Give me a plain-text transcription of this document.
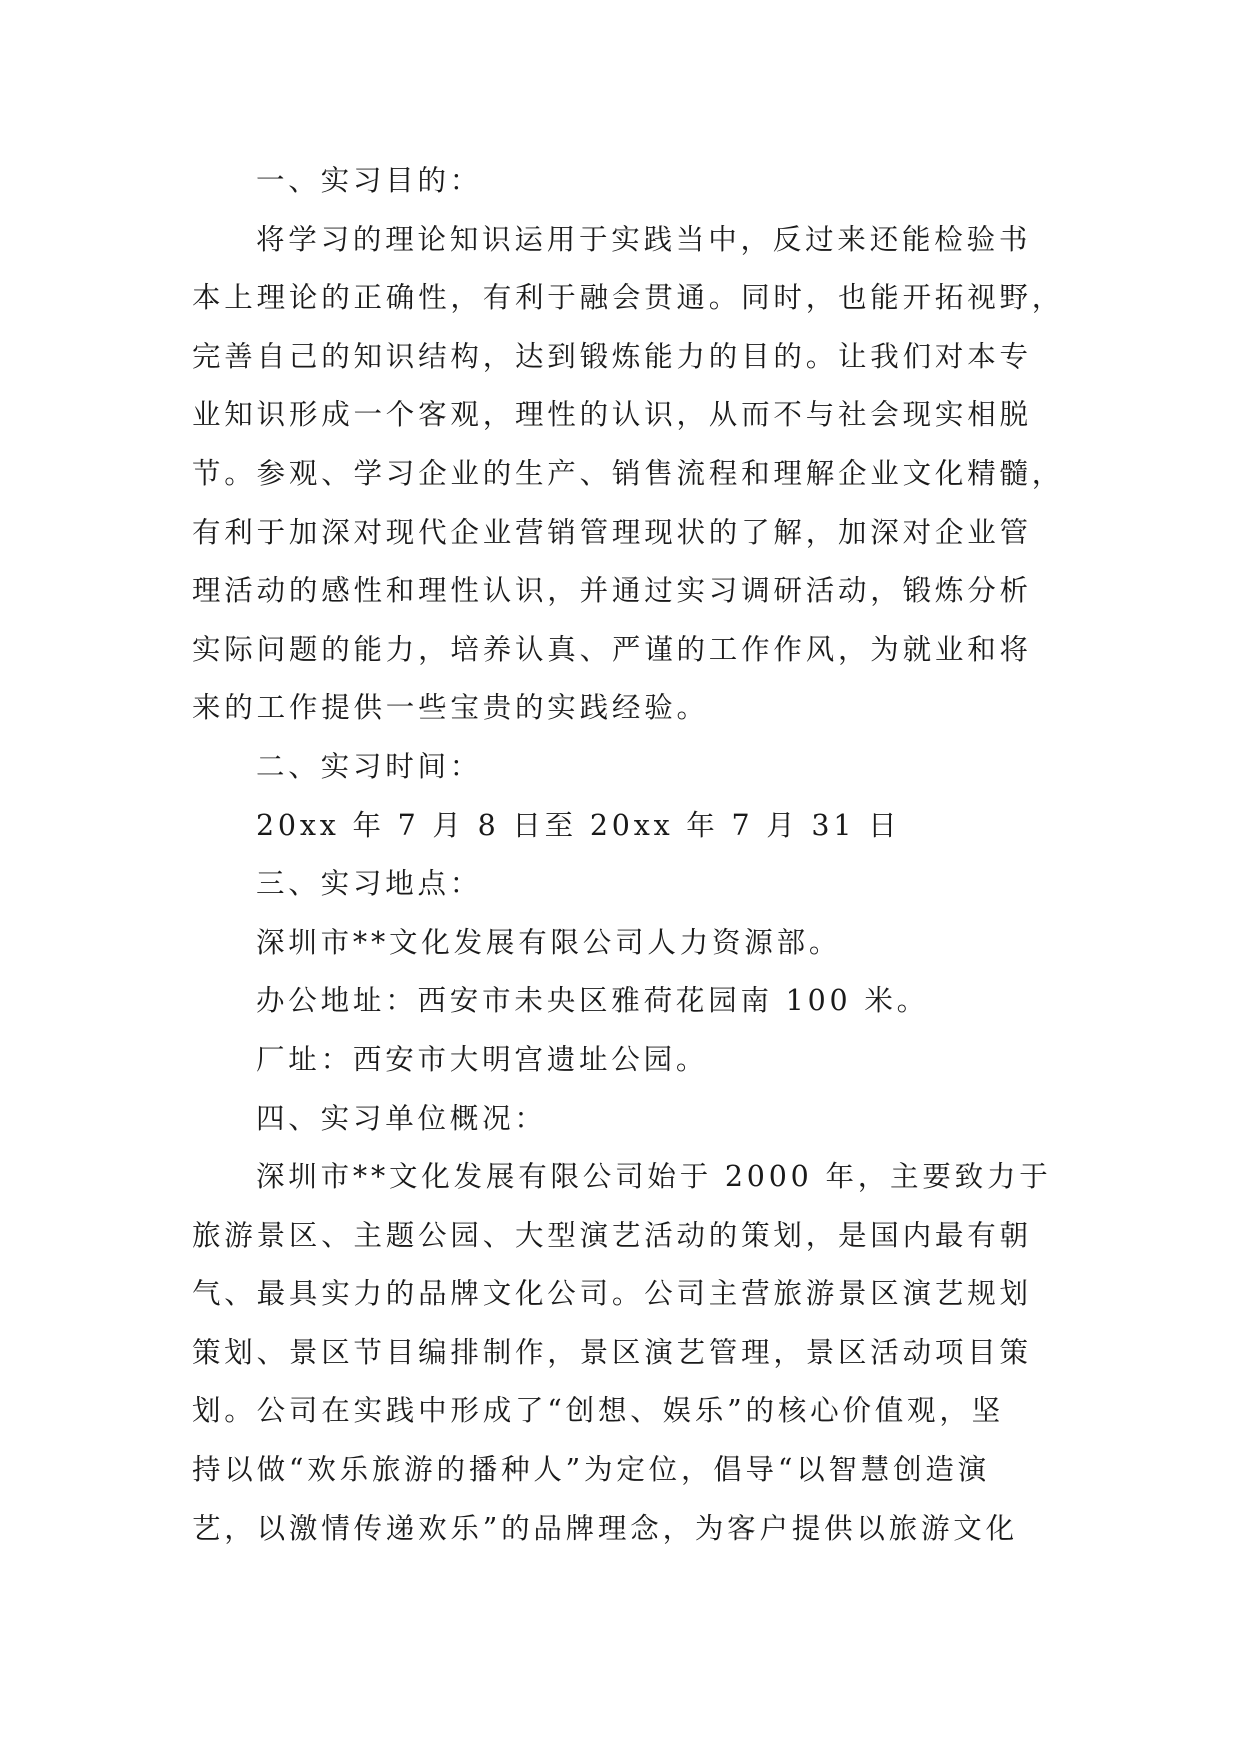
一、实习目的：
将学习的理论知识运用于实践当中，反过来还能检验书
本上理论的正确性，有利于融会贯通。同时，也能开拓视野，
完善自己的知识结构，达到锻炼能力的目的。让我们对本专
业知识形成一个客观，理性的认识，从而不与社会现实相脱
节。参观、学习企业的生产、销售流程和理解企业文化精髓，
有利于加深对现代企业营销管理现状的了解，加深对企业管
理活动的感性和理性认识，并通过实习调研活动，锻炼分析
实际问题的能力，培养认真、严谨的工作作风，为就业和将
来的工作提供一些宝贵的实践经验。
二、实习时间：
20xx 年 7 月 8 日至 20xx 年 7 月 31 日
三、实习地点：
深圳市**文化发展有限公司人力资源部。
办公地址：西安市未央区雅荷花园南 100 米。
厂址：西安市大明宫遗址公园。
四、实习单位概况：
深圳市**文化发展有限公司始于 2000 年，主要致力于
旅游景区、主题公园、大型演艺活动的策划，是国内最有朝
气、最具实力的品牌文化公司。公司主营旅游景区演艺规划
策划、景区节目编排制作，景区演艺管理，景区活动项目策
划。公司在实践中形成了“创想、娱乐”的核心价值观，坚
持以做“欢乐旅游的播种人”为定位，倡导“以智慧创造演
艺，以激情传递欢乐”的品牌理念，为客户提供以旅游文化
